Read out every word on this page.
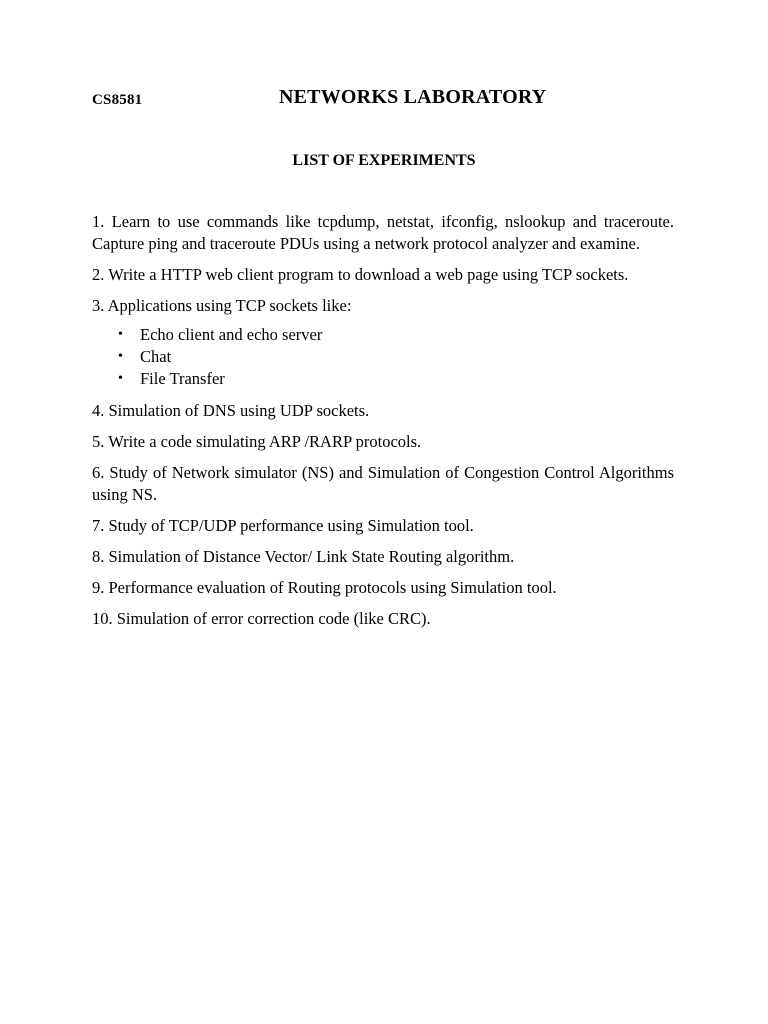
CS8581	NETWORKS LABORATORY
LIST OF EXPERIMENTS
1. Learn to use commands like tcpdump, netstat, ifconfig, nslookup and traceroute. Capture ping and traceroute PDUs using a network protocol analyzer and examine.
2. Write a HTTP web client program to download a web page using TCP sockets.
3. Applications using TCP sockets like:
• Echo client and echo server
• Chat
• File Transfer
4. Simulation of DNS using UDP sockets.
5. Write a code simulating ARP /RARP protocols.
6. Study of Network simulator (NS) and Simulation of Congestion Control Algorithms using NS.
7. Study of TCP/UDP performance using Simulation tool.
8. Simulation of Distance Vector/ Link State Routing algorithm.
9. Performance evaluation of Routing protocols using Simulation tool.
10. Simulation of error correction code (like CRC).
